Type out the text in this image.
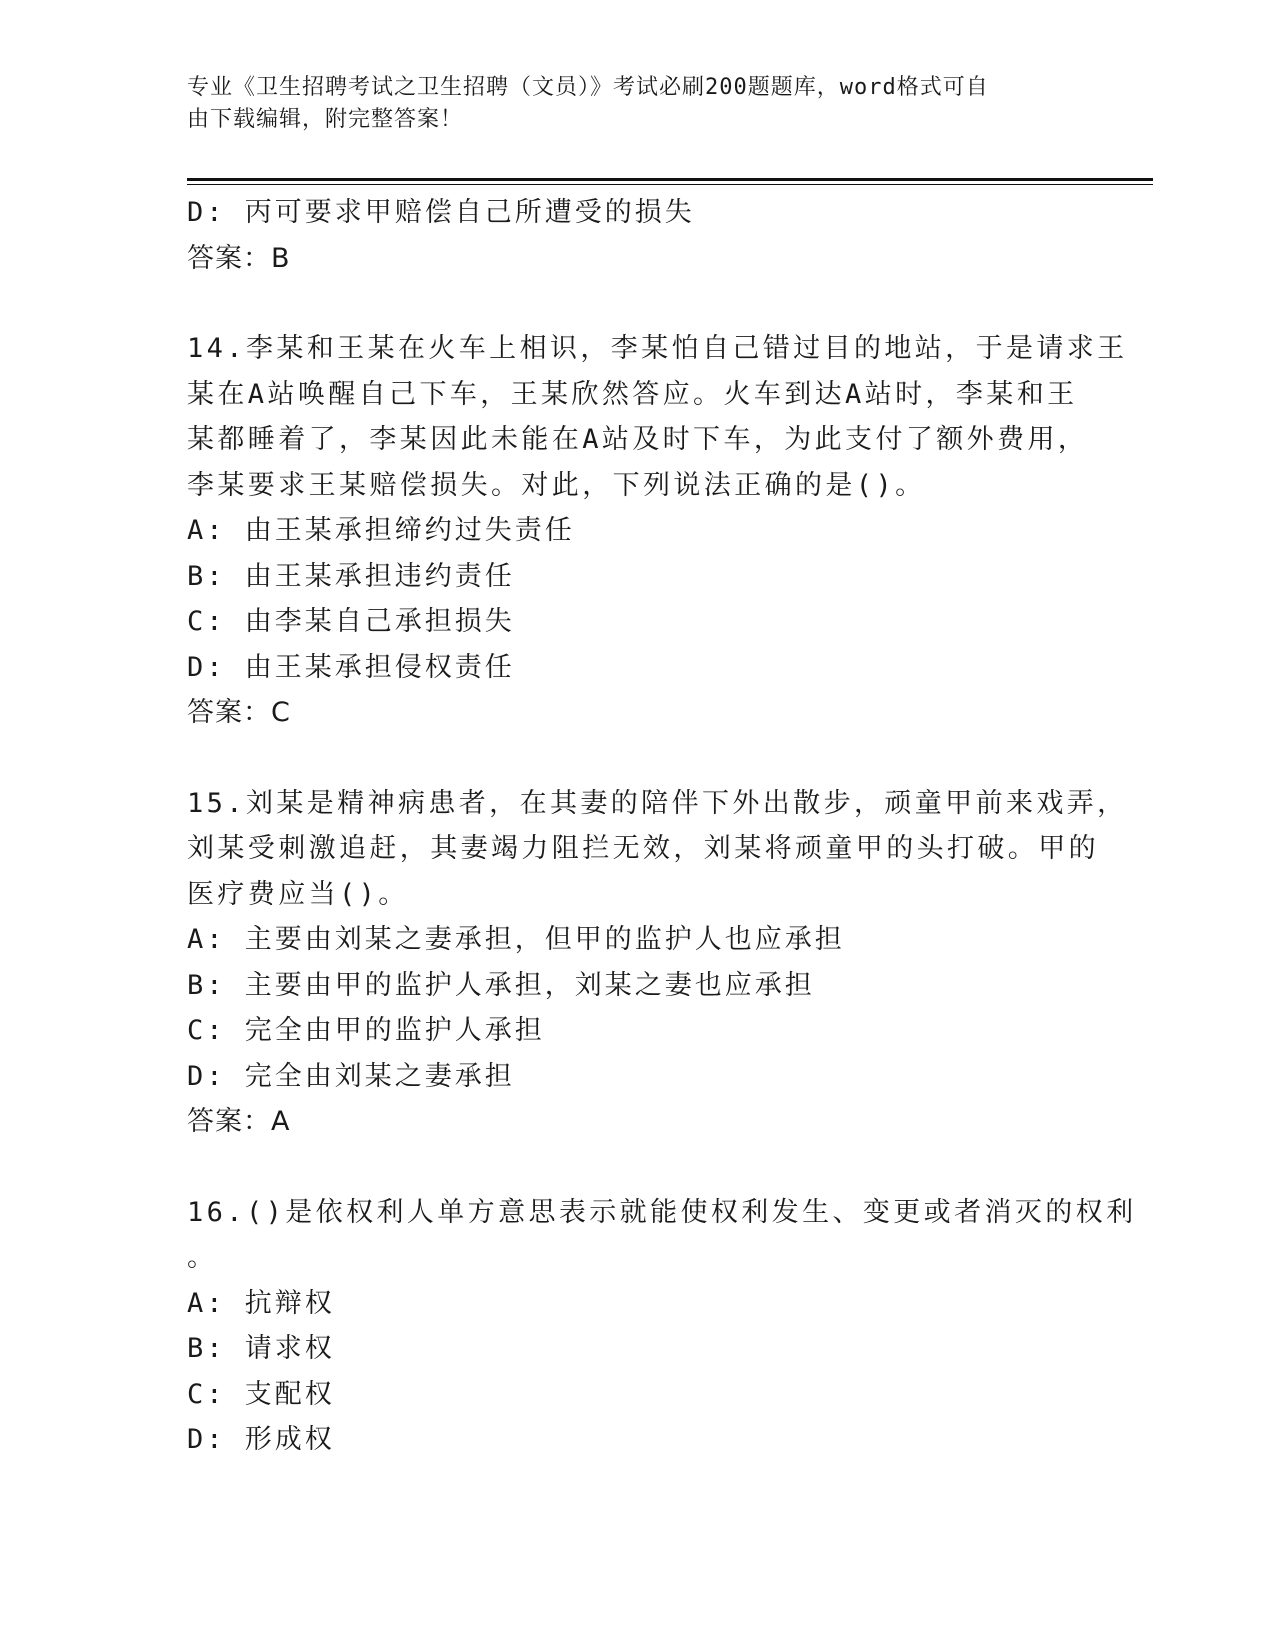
专业《卫生招聘考试之卫生招聘（文员）》考试必刷200题题库，word格式可自
由下载编辑，附完整答案！
D: 丙可要求甲赔偿自己所遭受的损失
答案：B
14.李某和王某在火车上相识，李某怕自己错过目的地站，于是请求王
某在A站唤醒自己下车，王某欣然答应。火车到达A站时，李某和王
某都睡着了，李某因此未能在A站及时下车，为此支付了额外费用，
李某要求王某赔偿损失。对此，下列说法正确的是()。
A: 由王某承担缔约过失责任
B: 由王某承担违约责任
C: 由李某自己承担损失
D: 由王某承担侵权责任
答案：C
15.刘某是精神病患者，在其妻的陪伴下外出散步，顽童甲前来戏弄，
刘某受刺激追赶，其妻竭力阻拦无效，刘某将顽童甲的头打破。甲的
医疗费应当()。
A: 主要由刘某之妻承担，但甲的监护人也应承担
B: 主要由甲的监护人承担，刘某之妻也应承担
C: 完全由甲的监护人承担
D: 完全由刘某之妻承担
答案：A
16.()是依权利人单方意思表示就能使权利发生、变更或者消灭的权利
。
A: 抗辩权
B: 请求权
C: 支配权
D: 形成权
